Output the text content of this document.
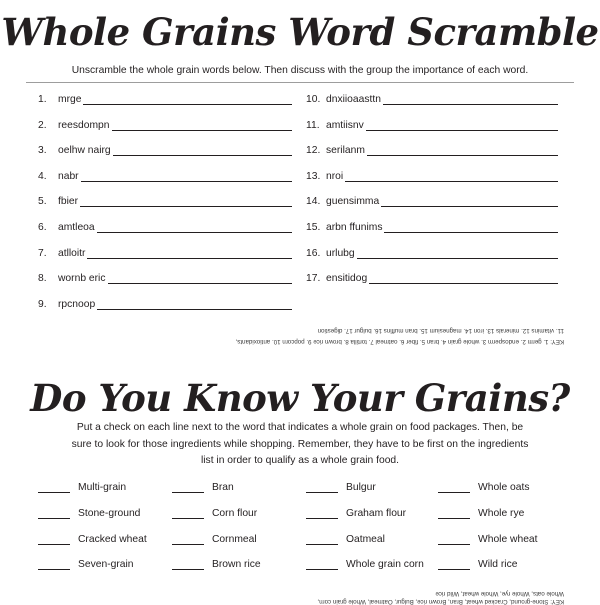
Whole Grains Word Scramble
Unscramble the whole grain words below. Then discuss with the group the importance of each word.
1.	mrge
2.	reesdompn
3.	oelhw nairg
4.	nabr
5.	fbier
6.	amtleoa
7.	atlloitr
8.	wornb eric
9.	rpcnoop
10. dnxiioaasttn
11. amtiisnv
12. serilanm
13. nroi
14. guensimma
15. arbn ffunims
16. urlubg
17. ensitidog
11. vitamins 12. minerals 13. iron 14. magnesium 15. bran muffins 16. bulgur 17. digestion
KEY: 1. germ 2. endosperm 3. whole grain 4. bran 5. fiber 6. oatmeal 7. tortilla 8. brown rice 9. popcorn 10. antioxidants,
Do You Know Your Grains?
Put a check on each line next to the word that indicates a whole grain on food packages. Then, be sure to look for those ingredients while shopping. Remember, they have to be first on the ingredients list in order to qualify as a whole grain food.
Multi-grain
Stone-ground
Cracked wheat
Seven-grain
Bran
Corn flour
Cornmeal
Brown rice
Bulgur
Graham flour
Oatmeal
Whole grain corn
Whole oats
Whole rye
Whole wheat
Wild rice
KEY: Stone-ground, Cracked wheat, Bran, Brown rice, Bulgur, Oatmeal, Whole grain corn,
Whole oats, Whole rye, Whole wheat, Wild rice
